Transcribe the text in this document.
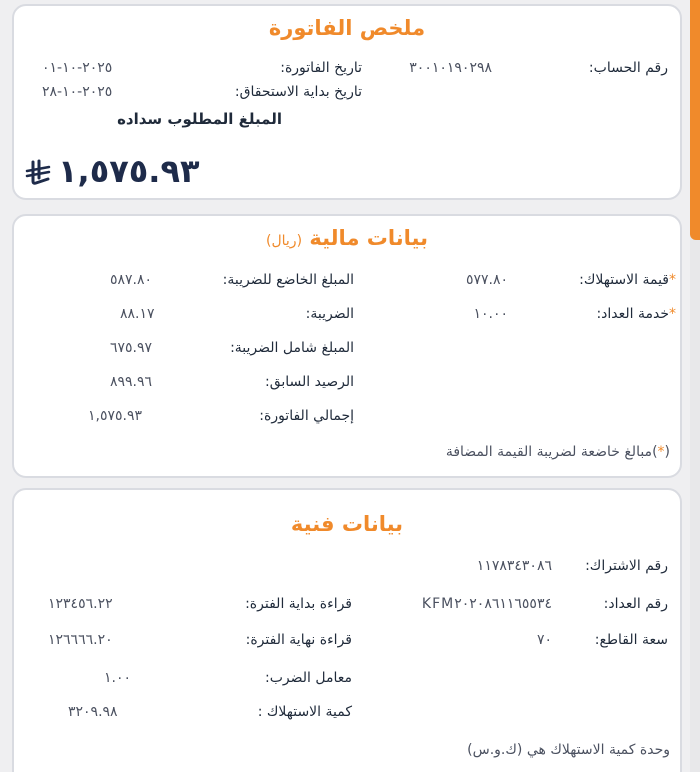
ملخص الفاتورة
رقم الحساب:
٣٠٠١٠١٩٠٢٩٨
تاريخ الفاتورة:
٢٠٢٥-١٠-٠١
تاريخ بداية الاستحقاق:
٢٠٢٥-١٠-٢٨
المبلغ المطلوب سداده
١,٥٧٥.٩٣
بيانات مالية (ريال)
*قيمة الاستهلاك:
٥٧٧.٨٠
*خدمة العداد:
١٠.٠٠
المبلغ الخاضع للضريبة:
٥٨٧.٨٠
الضريبة:
٨٨.١٧
المبلغ شامل الضريبة:
٦٧٥.٩٧
الرصيد السابق:
٨٩٩.٩٦
إجمالي الفاتورة:
١,٥٧٥.٩٣
(*)مبالغ خاضعة لضريبة القيمة المضافة
بيانات فنية
رقم الاشتراك:
١١٧٨٣٤٣٠٨٦
رقم العداد:
KFM٢٠٢٠٨٦١١٦٥٥٣٤
سعة القاطع:
٧٠
قراءة بداية الفترة:
١٢٣٤٥٦.٢٢
قراءة نهاية الفترة:
١٢٦٦٦٦.٢٠
معامل الضرب:
١.٠٠
كمية الاستهلاك :
٣٢٠٩.٩٨
وحدة كمية الاستهلاك هي (ك.و.س)
